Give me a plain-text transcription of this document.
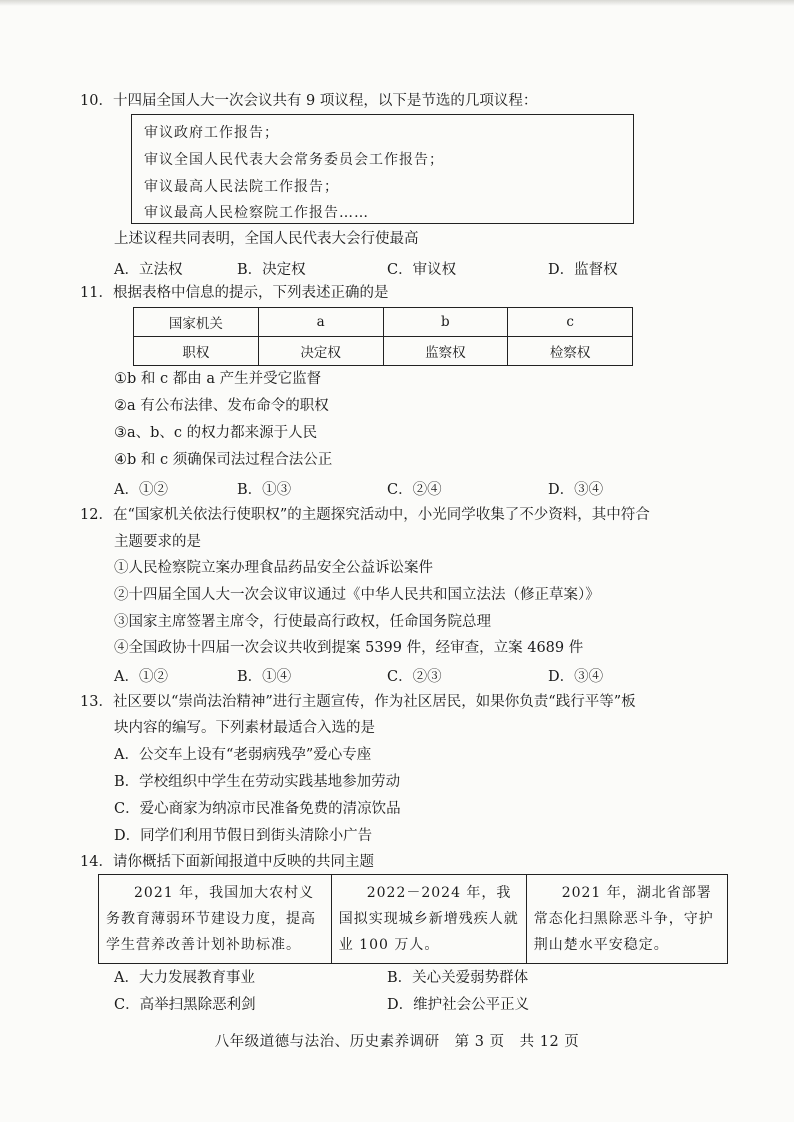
10．十四届全国人大一次会议共有 9 项议程，以下是节选的几项议程：
审议政府工作报告；
审议全国人民代表大会常务委员会工作报告；
审议最高人民法院工作报告；
审议最高人民检察院工作报告……
上述议程共同表明，全国人民代表大会行使最高
A．立法权	B．决定权	C．审议权	D．监督权
11．根据表格中信息的提示，下列表述正确的是
国家机关	a	b	c
职权	决定权	监察权	检察权
①b 和 c 都由 a 产生并受它监督
②a 有公布法律、发布命令的职权
③a、b、c 的权力都来源于人民
④b 和 c 须确保司法过程合法公正
A．①②	B．①③	C．②④	D．③④
12．在“国家机关依法行使职权”的主题探究活动中，小光同学收集了不少资料，其中符合
主题要求的是
①人民检察院立案办理食品药品安全公益诉讼案件
②十四届全国人大一次会议审议通过《中华人民共和国立法法（修正草案）》
③国家主席签署主席令，行使最高行政权，任命国务院总理
④全国政协十四届一次会议共收到提案 5399 件，经审查，立案 4689 件
A．①②	B．①④	C．②③	D．③④
13．社区要以“崇尚法治精神”进行主题宣传，作为社区居民，如果你负责“践行平等”板
块内容的编写。下列素材最适合入选的是
A．公交车上设有“老弱病残孕”爱心专座
B．学校组织中学生在劳动实践基地参加劳动
C．爱心商家为纳凉市民准备免费的清凉饮品
D．同学们利用节假日到街头清除小广告
14．请你概括下面新闻报道中反映的共同主题
2021 年，我国加大农村义务教育薄弱环节建设力度，提高学生营养改善计划补助标准。	2022－2024 年，我国拟实现城乡新增残疾人就业 100 万人。	2021 年，湖北省部署常态化扫黑除恶斗争，守护荆山楚水平安稳定。
A．大力发展教育事业	B．关心关爱弱势群体
C．高举扫黑除恶利剑	D．维护社会公平正义
八年级道德与法治、历史素养调研　第 3 页　共 12 页
